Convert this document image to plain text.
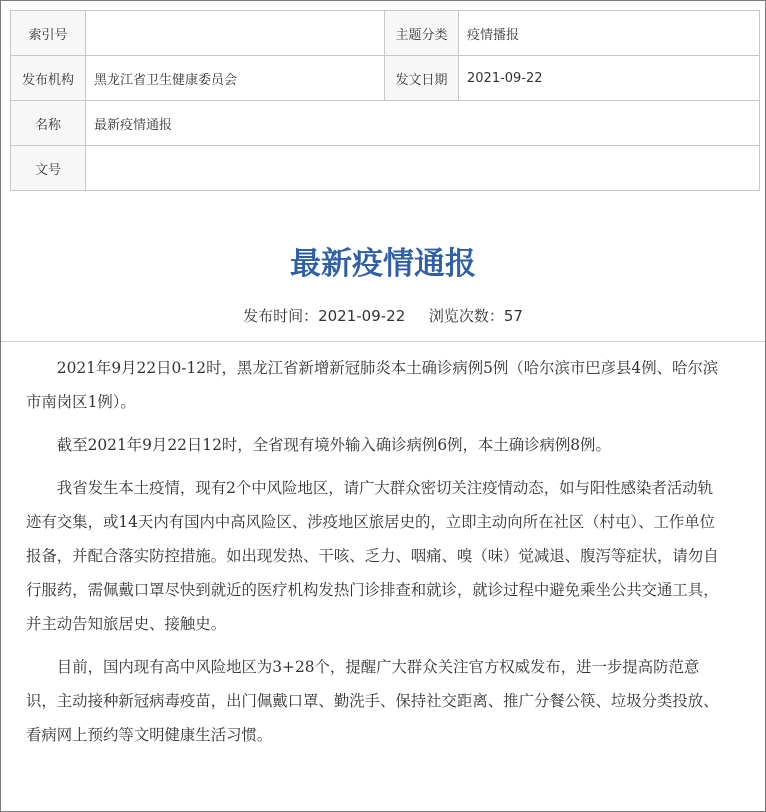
索引号		主题分类	疫情播报
发布机构	黑龙江省卫生健康委员会	发文日期	2021-09-22
名称	最新疫情通报		
文号			
最新疫情通报
发布时间：2021-09-22 浏览次数：57

2021年9月22日0-12时，黑龙江省新增新冠肺炎本土确诊病例5例（哈尔滨市巴彦县4例、哈尔滨市南岗区1例）。

截至2021年9月22日12时，全省现有境外输入确诊病例6例，本土确诊病例8例。

我省发生本土疫情，现有2个中风险地区，请广大群众密切关注疫情动态，如与阳性感染者活动轨迹有交集，或14天内有国内中高风险区、涉疫地区旅居史的，立即主动向所在社区（村屯）、工作单位报备，并配合落实防控措施。如出现发热、干咳、乏力、咽痛、嗅（味）觉减退、腹泻等症状，请勿自行服药，需佩戴口罩尽快到就近的医疗机构发热门诊排查和就诊，就诊过程中避免乘坐公共交通工具，并主动告知旅居史、接触史。

目前，国内现有高中风险地区为3+28个，提醒广大群众关注官方权威发布，进一步提高防范意识，主动接种新冠病毒疫苗，出门佩戴口罩、勤洗手、保持社交距离、推广分餐公筷、垃圾分类投放、看病网上预约等文明健康生活习惯。
